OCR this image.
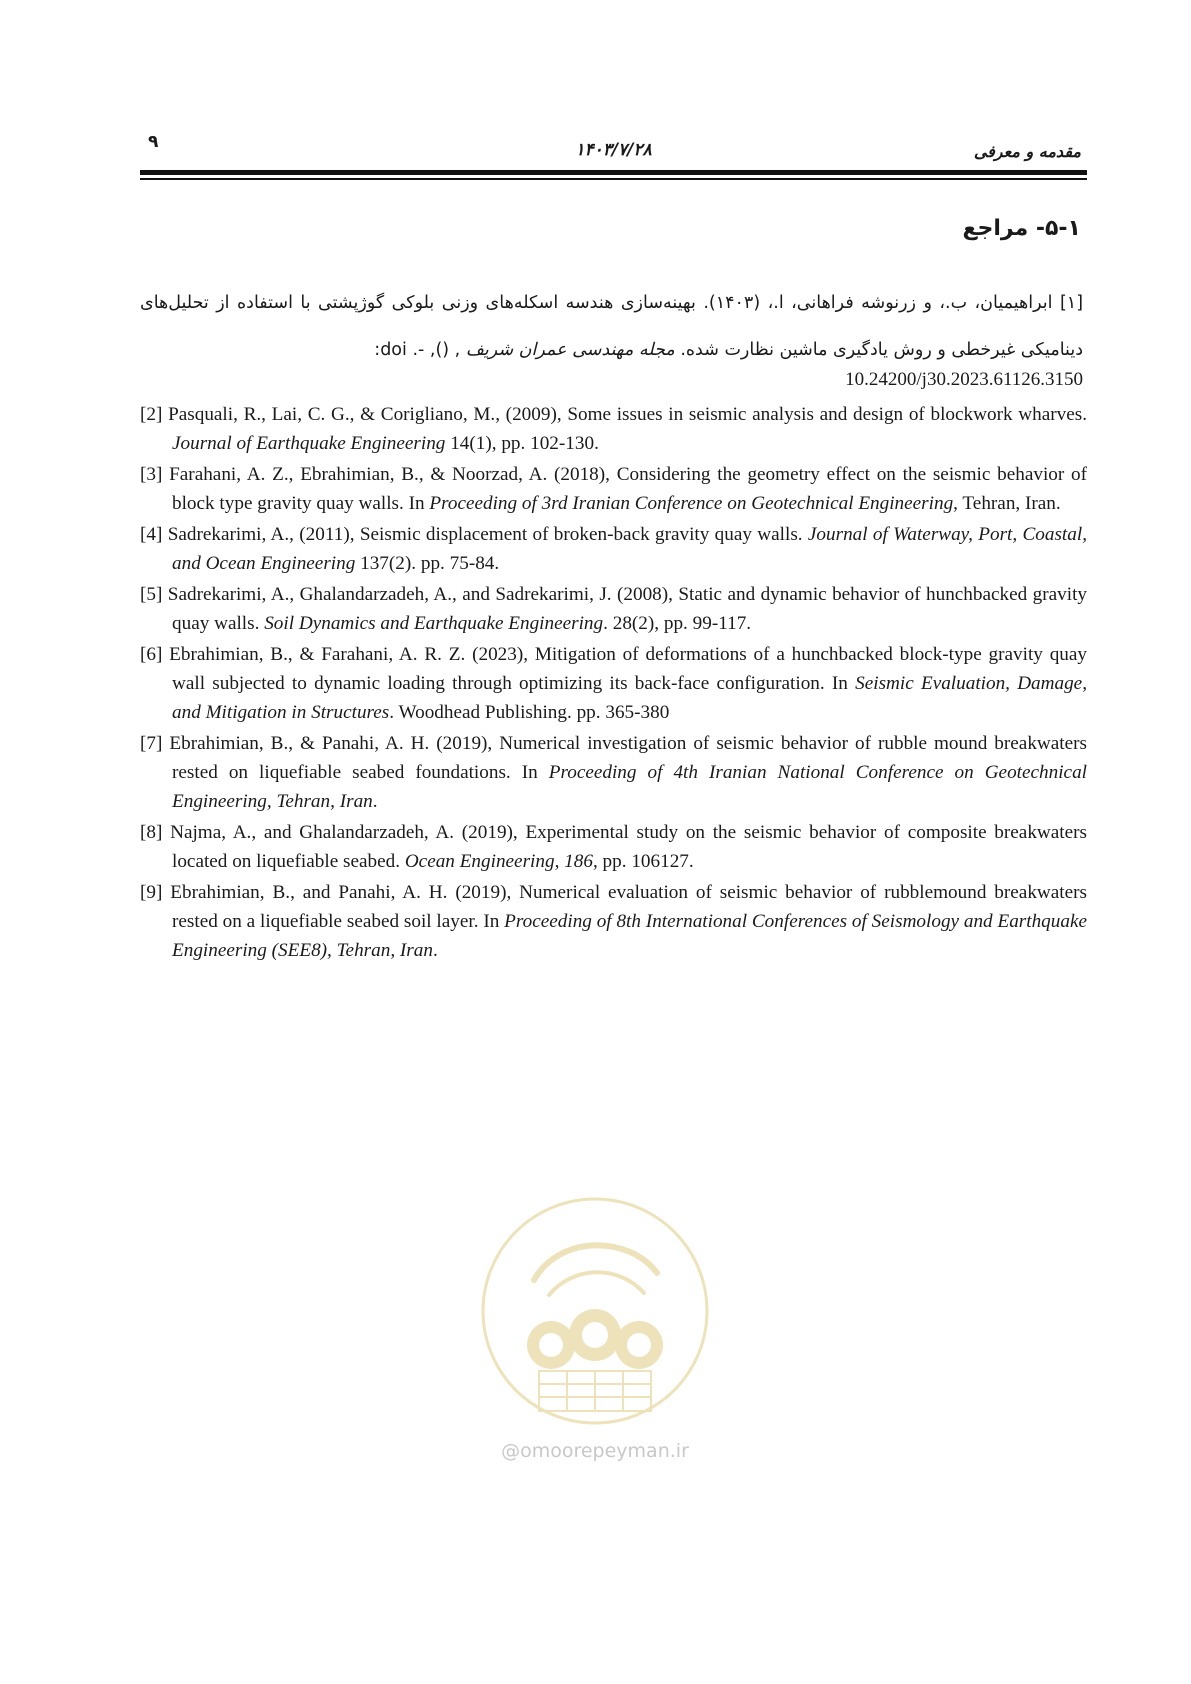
۹	۱۴۰۳/۷/۲۸	مقدمه و معرفی
۵-۱- مراجع
[۱] ابراهیمیان، ب.، و زرنوشه فراهانی، ا.، (۱۴۰۳). بهینه‌سازی هندسه اسکله‌های وزنی بلوکی گوژپشتی با استفاده از تحلیل‌های دینامیکی غیرخطی و روش یادگیری ماشین نظارت شده. مجله مهندسی عمران شریف , (), -. doi:
10.24200/j30.2023.61126.3150

[2] Pasquali, R., Lai, C. G., & Corigliano, M., (2009), Some issues in seismic analysis and design of blockwork wharves. Journal of Earthquake Engineering 14(1), pp. 102-130.

[3] Farahani, A. Z., Ebrahimian, B., & Noorzad, A. (2018), Considering the geometry effect on the seismic behavior of block type gravity quay walls. In Proceeding of 3rd Iranian Conference on Geotechnical Engineering, Tehran, Iran.

[4] Sadrekarimi, A., (2011), Seismic displacement of broken-back gravity quay walls. Journal of Waterway, Port, Coastal, and Ocean Engineering 137(2). pp. 75-84.

[5] Sadrekarimi, A., Ghalandarzadeh, A., and Sadrekarimi, J. (2008), Static and dynamic behavior of hunchbacked gravity quay walls. Soil Dynamics and Earthquake Engineering. 28(2), pp. 99-117.

[6] Ebrahimian, B., & Farahani, A. R. Z. (2023), Mitigation of deformations of a hunchbacked block-type gravity quay wall subjected to dynamic loading through optimizing its back-face configuration. In Seismic Evaluation, Damage, and Mitigation in Structures. Woodhead Publishing. pp. 365-380

[7] Ebrahimian, B., & Panahi, A. H. (2019), Numerical investigation of seismic behavior of rubble mound breakwaters rested on liquefiable seabed foundations. In Proceeding of 4th Iranian National Conference on Geotechnical Engineering, Tehran, Iran.

[8] Najma, A., and Ghalandarzadeh, A. (2019), Experimental study on the seismic behavior of composite breakwaters located on liquefiable seabed. Ocean Engineering, 186, pp. 106127.

[9] Ebrahimian, B., and Panahi, A. H. (2019), Numerical evaluation of seismic behavior of rubblemound breakwaters rested on a liquefiable seabed soil layer. In Proceeding of 8th International Conferences of Seismology and Earthquake Engineering (SEE8), Tehran, Iran.

@omoorepeyman.ir
